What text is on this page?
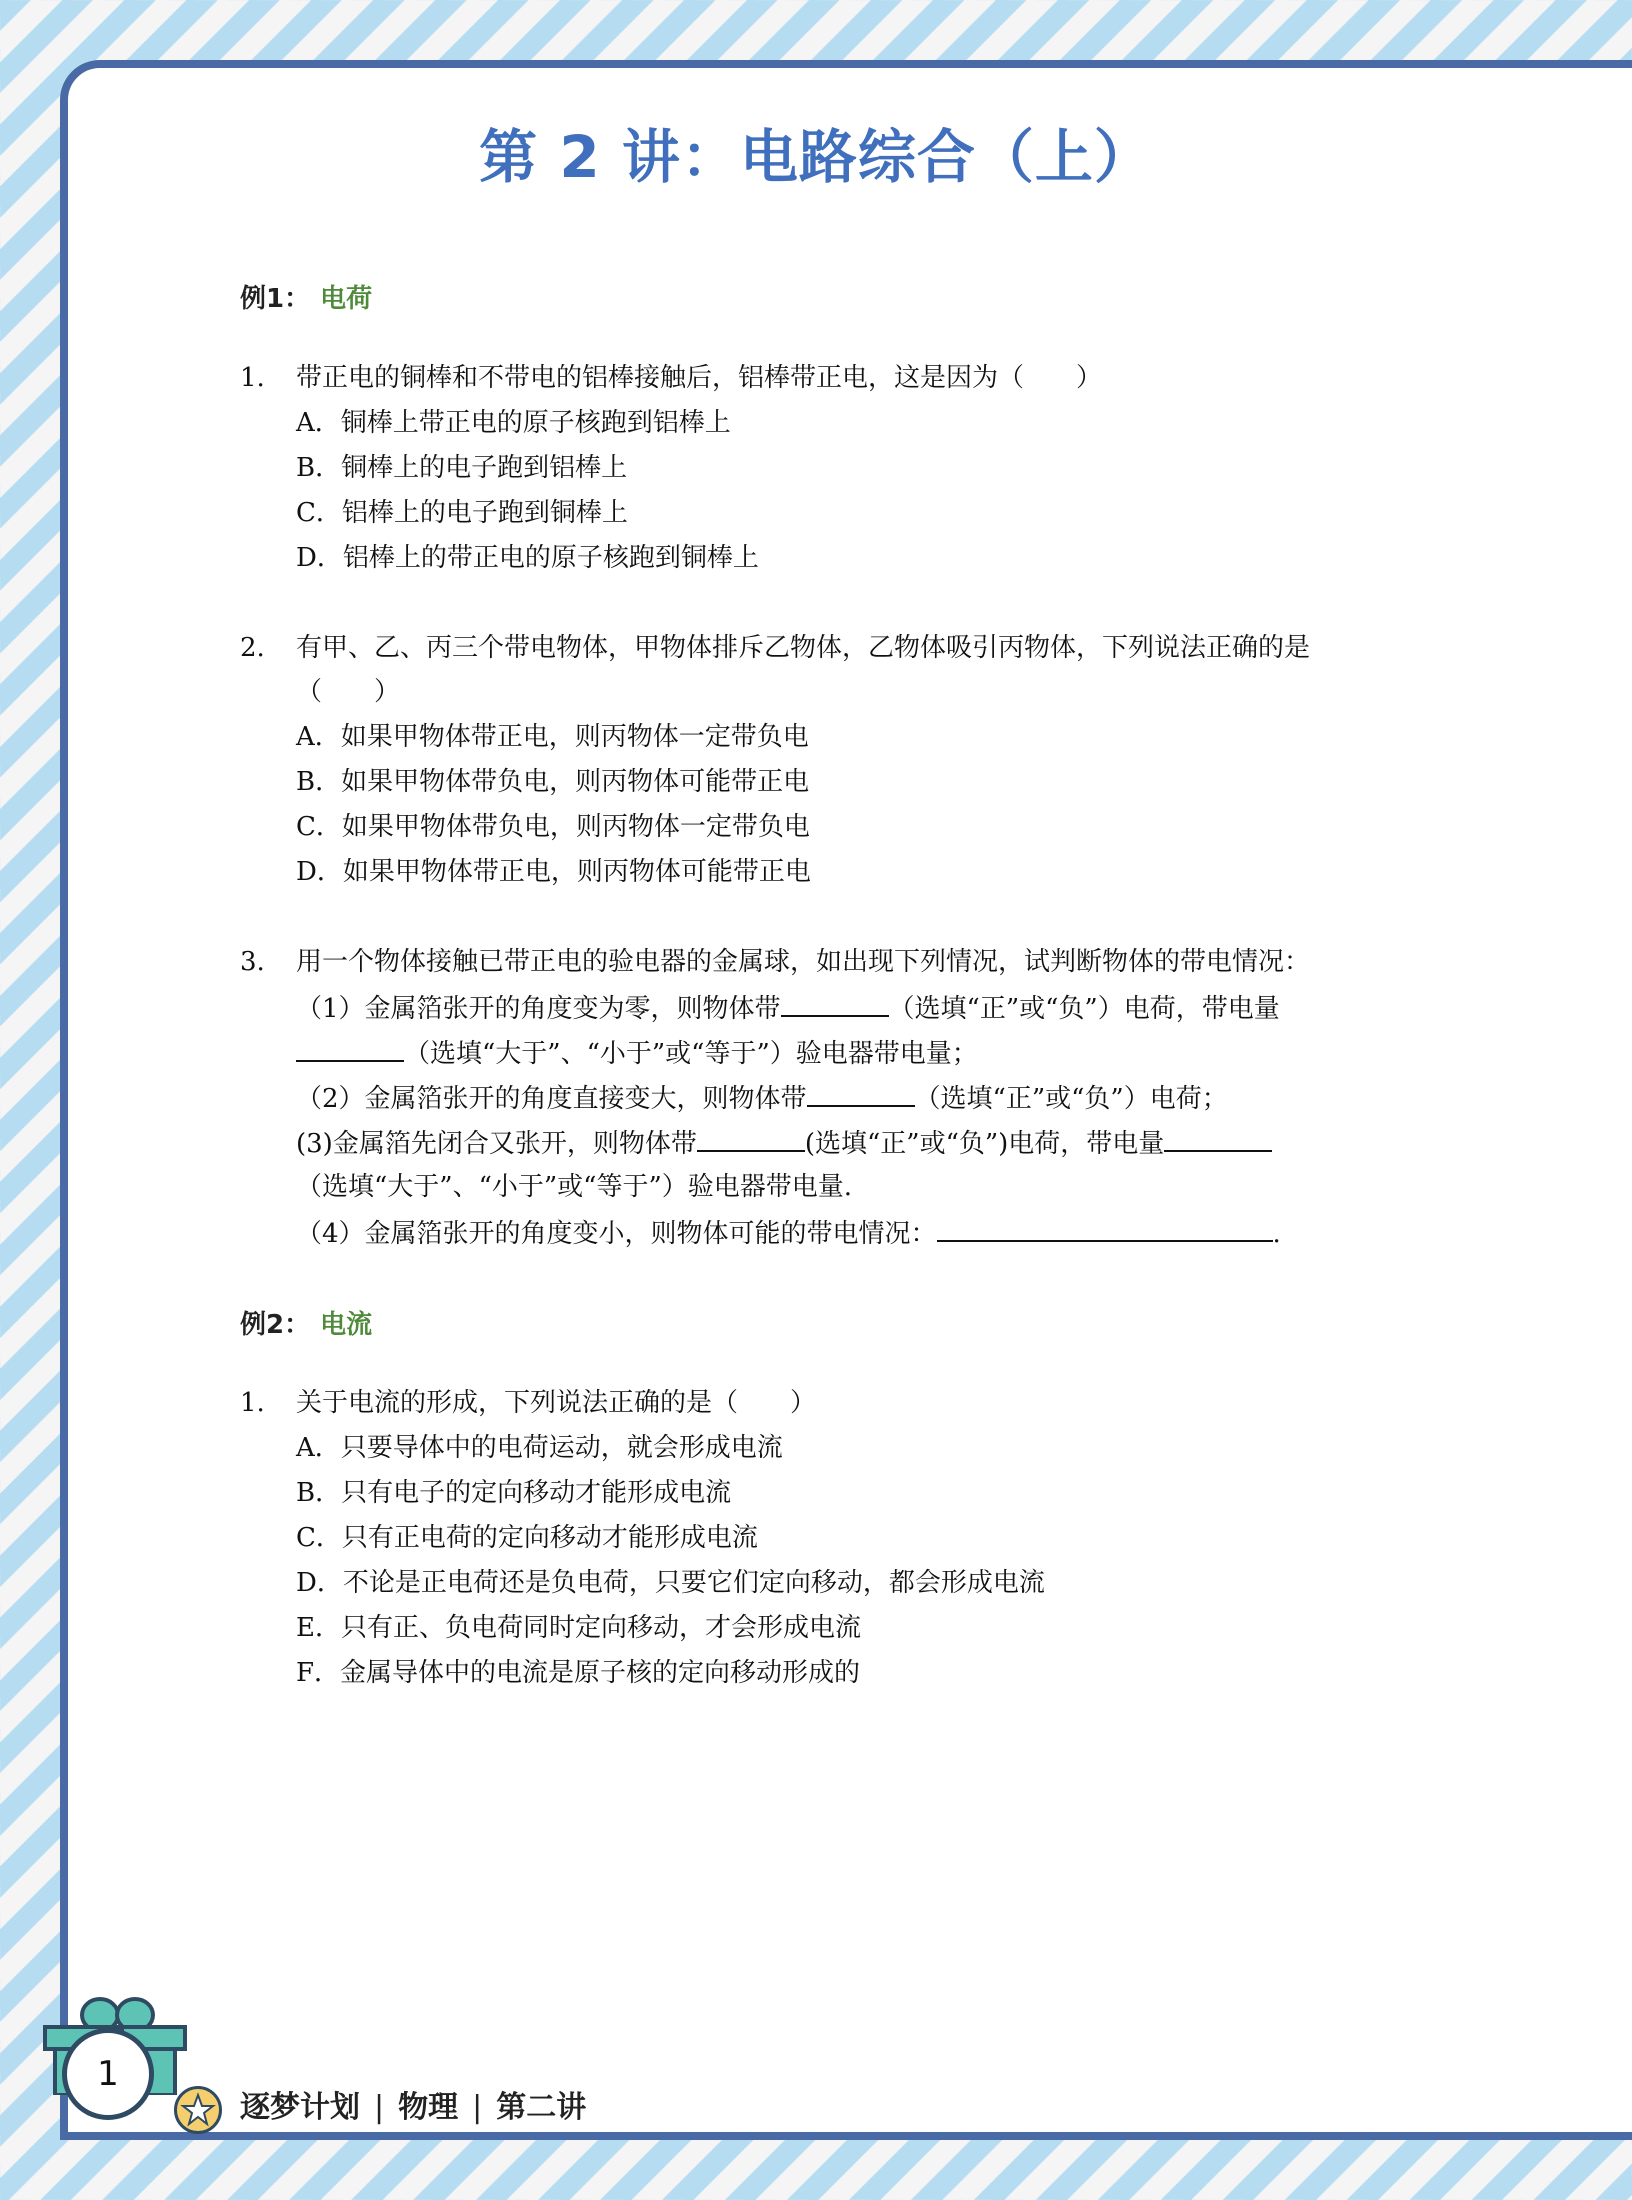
第 2 讲：电路综合（上）
例1： 电荷
1. 带正电的铜棒和不带电的铝棒接触后，铝棒带正电，这是因为（　　）
A．铜棒上带正电的原子核跑到铝棒上
B．铜棒上的电子跑到铝棒上
C．铝棒上的电子跑到铜棒上
D．铝棒上的带正电的原子核跑到铜棒上
2. 有甲、乙、丙三个带电物体，甲物体排斥乙物体，乙物体吸引丙物体，下列说法正确的是
（　　）
A．如果甲物体带正电，则丙物体一定带负电
B．如果甲物体带负电，则丙物体可能带正电
C．如果甲物体带负电，则丙物体一定带负电
D．如果甲物体带正电，则丙物体可能带正电
3. 用一个物体接触已带正电的验电器的金属球，如出现下列情况，试判断物体的带电情况：
（1）金属箔张开的角度变为零，则物体带	（选填“正”或“负”）电荷，带电量
（选填“大于”、“小于”或“等于”）验电器带电量；
（2）金属箔张开的角度直接变大，则物体带	（选填“正”或“负”）电荷；
(3)金属箔先闭合又张开，则物体带	(选填“正”或“负”)电荷，带电量
（选填“大于”、“小于”或“等于”）验电器带电量.
（4）金属箔张开的角度变小，则物体可能的带电情况：	.
例2： 电流
1. 关于电流的形成，下列说法正确的是（　　）
A．只要导体中的电荷运动，就会形成电流
B．只有电子的定向移动才能形成电流
C．只有正电荷的定向移动才能形成电流
D．不论是正电荷还是负电荷，只要它们定向移动，都会形成电流
E．只有正、负电荷同时定向移动，才会形成电流
F．金属导体中的电流是原子核的定向移动形成的
1
逐梦计划 | 物理 | 第二讲
